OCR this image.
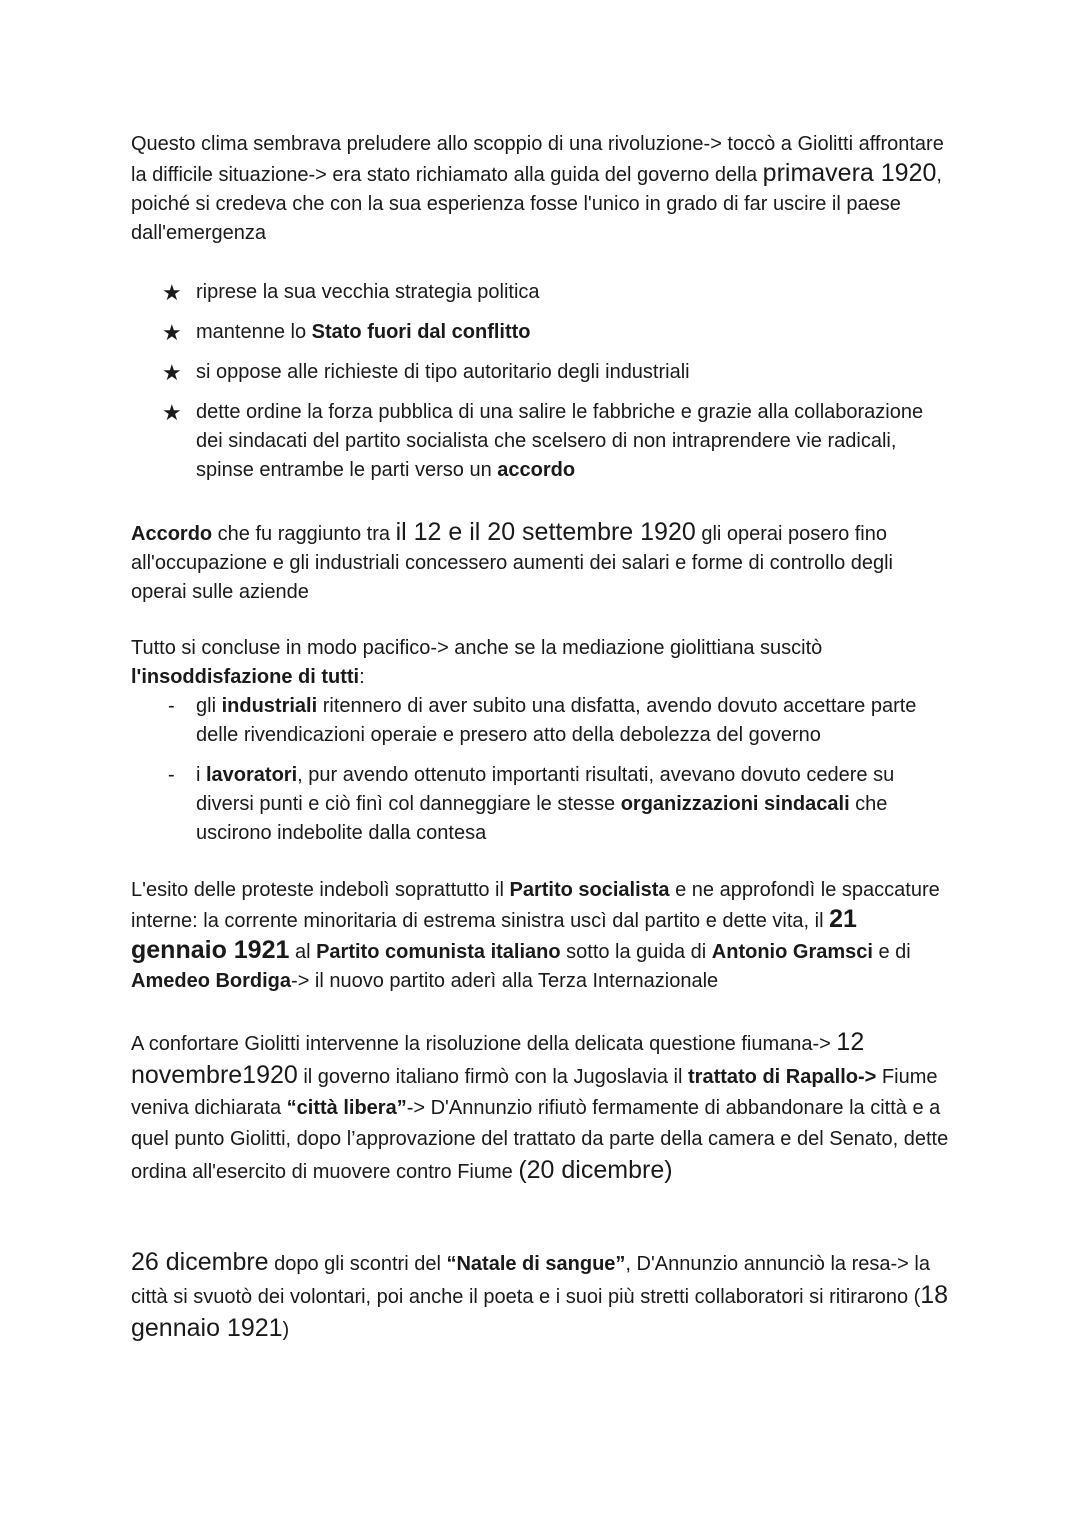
Questo clima sembrava preludere allo scoppio di una rivoluzione-> toccò a Giolitti affrontare la difficile situazione-> era stato richiamato alla guida del governo della primavera 1920, poiché si credeva che con la sua esperienza fosse l'unico in grado di far uscire il paese dall'emergenza

★ riprese la sua vecchia strategia politica
★ mantenne lo Stato fuori dal conflitto
★ si oppose alle richieste di tipo autoritario degli industriali
★ dette ordine la forza pubblica di una salire le fabbriche e grazie alla collaborazione dei sindacati del partito socialista che scelsero di non intraprendere vie radicali, spinse entrambe le parti verso un accordo

Accordo che fu raggiunto tra il 12 e il 20 settembre 1920 gli operai posero fino all'occupazione e gli industriali concessero aumenti dei salari e forme di controllo degli operai sulle aziende

Tutto si concluse in modo pacifico-> anche se la mediazione giolittiana suscitò l'insoddisfazione di tutti:

- gli industriali ritennero di aver subito una disfatta, avendo dovuto accettare parte delle rivendicazioni operaie e presero atto della debolezza del governo
- i lavoratori, pur avendo ottenuto importanti risultati, avevano dovuto cedere su diversi punti e ciò finì col danneggiare le stesse organizzazioni sindacali che uscirono indebolite dalla contesa

L'esito delle proteste indebolì soprattutto il Partito socialista e ne approfondì le spaccature interne: la corrente minoritaria di estrema sinistra uscì dal partito e dette vita, il 21 gennaio 1921 al Partito comunista italiano sotto la guida di Antonio Gramsci e di Amedeo Bordiga-> il nuovo partito aderì alla Terza Internazionale

A confortare Giolitti intervenne la risoluzione della delicata questione fiumana-> 12 novembre1920 il governo italiano firmò con la Jugoslavia il trattato di Rapallo-> Fiume veniva dichiarata “città libera”-> D'Annunzio rifiutò fermamente di abbandonare la città e a quel punto Giolitti, dopo l’approvazione del trattato da parte della camera e del Senato, dette ordina all'esercito di muovere contro Fiume (20 dicembre)

26 dicembre dopo gli scontri del “Natale di sangue”, D'Annunzio annunciò la resa-> la città si svuotò dei volontari, poi anche il poeta e i suoi più stretti collaboratori si ritirarono (18 gennaio 1921)
